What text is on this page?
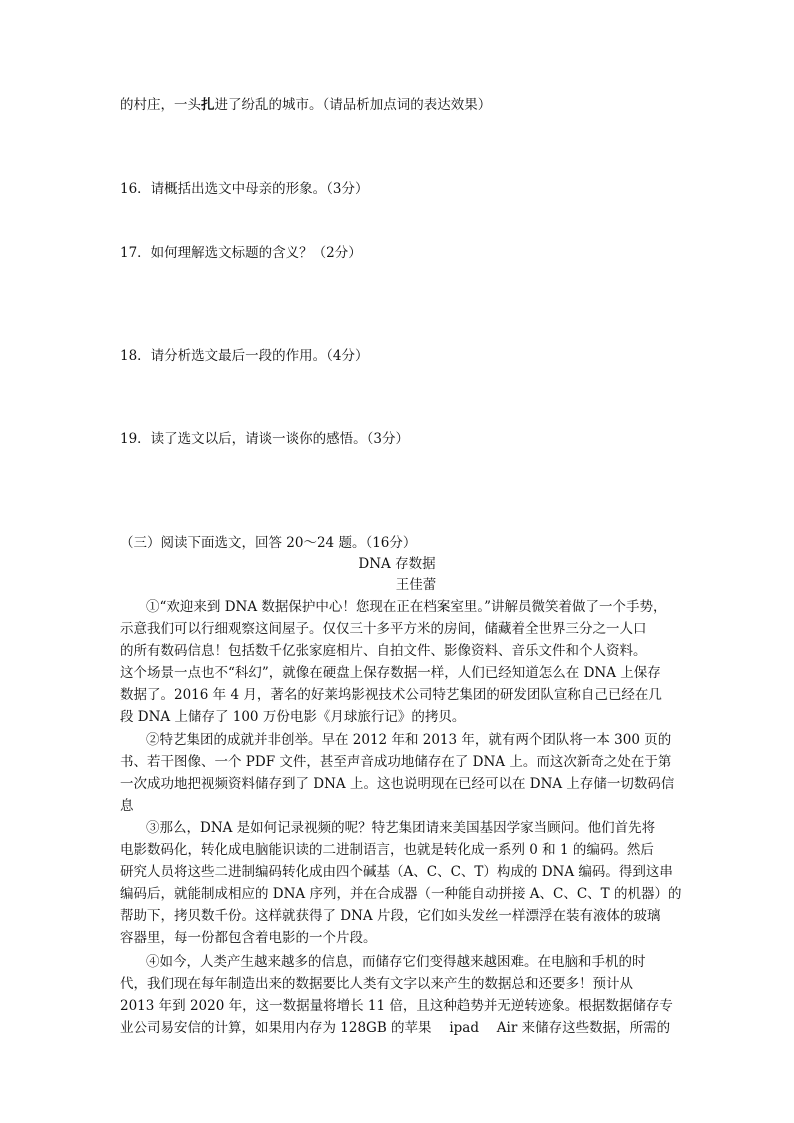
的村庄，一头扎进了纷乱的城市。（请品析加点词的表达效果）
16．请概括出选文中母亲的形象。（3分）
17．如何理解选文标题的含义？（2分）
18．请分析选文最后一段的作用。（4分）
19．读了选文以后，请谈一谈你的感悟。（3分）
（三）阅读下面选文，回答 20～24 题。（16分）
DNA 存数据
王佳蕾
①“欢迎来到 DNA 数据保护中心！您现在正在档案室里。”讲解员微笑着做了一个手势，
示意我们可以行细观察这间屋子。仅仅三十多平方米的房间，储藏着全世界三分之一人口
的所有数码信息！包括数千亿张家庭相片、自拍文件、影像资料、音乐文件和个人资料。
这个场景一点也不“科幻”，就像在硬盘上保存数据一样，人们已经知道怎么在 DNA 上保存
数据了。2016 年 4 月，著名的好莱坞影视技术公司特艺集团的研发团队宣称自己已经在几
段 DNA 上储存了 100 万份电影《月球旅行记》的拷贝。
②特艺集团的成就并非创举。早在 2012 年和 2013 年，就有两个团队将一本 300 页的
书、若干图像、一个 PDF 文件，甚至声音成功地储存在了 DNA 上。而这次新奇之处在于第
一次成功地把视频资料储存到了 DNA 上。这也说明现在已经可以在 DNA 上存储一切数码信
息
③那么，DNA 是如何记录视频的呢？特艺集团请来美国基因学家当顾问。他们首先将
电影数码化，转化成电脑能识读的二进制语言，也就是转化成一系列 0 和 1 的编码。然后
研究人员将这些二进制编码转化成由四个碱基（A、C、C、T）构成的 DNA 编码。得到这串
编码后，就能制成相应的 DNA 序列，并在合成器（一种能自动拼接 A、C、C、T 的机器）的
帮助下，拷贝数千份。这样就获得了 DNA 片段，它们如头发丝一样漂浮在装有液体的玻璃
容器里，每一份都包含着电影的一个片段。
④如今，人类产生越来越多的信息，而储存它们变得越来越困难。在电脑和手机的时
代，我们现在每年制造出来的数据要比人类有文字以来产生的数据总和还要多！预计从
2013 年到 2020 年，这一数据量将增长 11 倍，且这种趋势并无逆转迹象。根据数据储存专
业公司易安信的计算，如果用内存为 128GB 的苹果　 ipad　 Air 来储存这些数据，所需的
